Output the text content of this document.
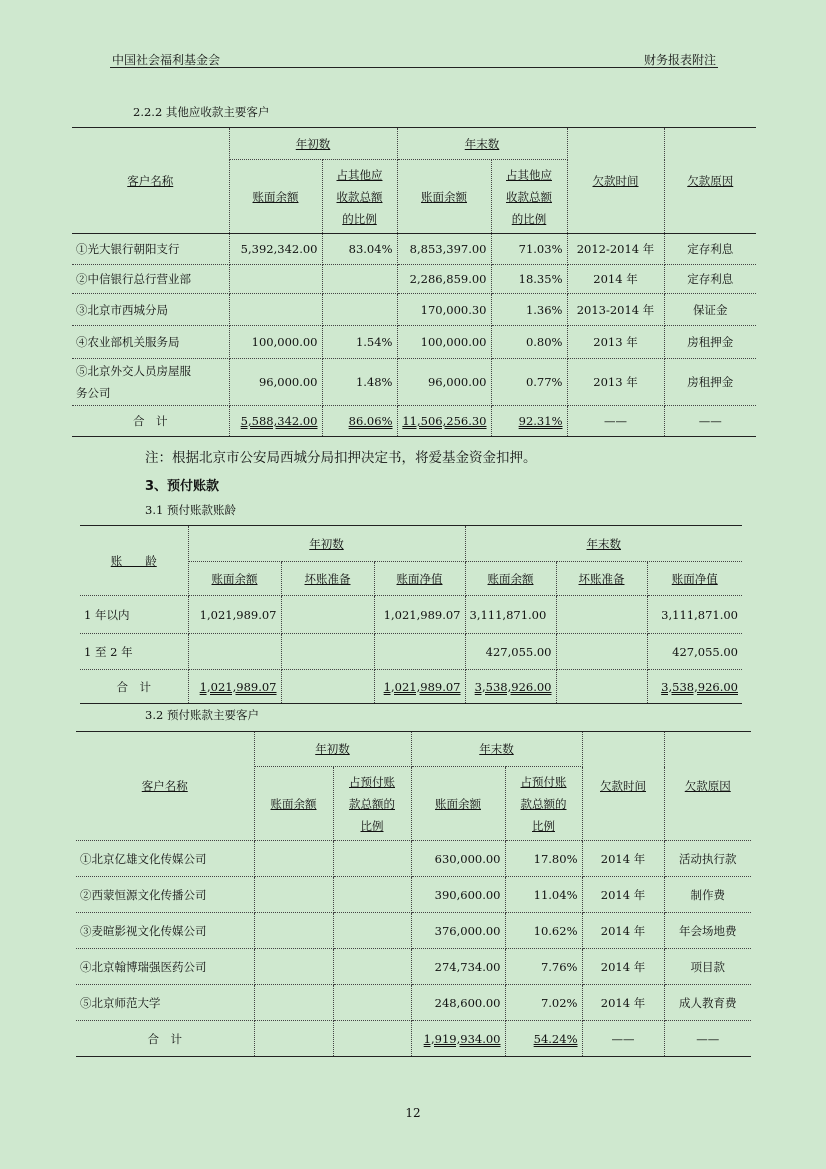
中国社会福利基金会	财务报表附注
2.2.2 其他应收款主要客户
客户名称	年初数		年末数		欠款时间	欠款原因
	账面余额	占其他应
收款总额
的比例	账面余额	占其他应
收款总额
的比例		
①光大银行朝阳支行	5,392,342.00	83.04%	8,853,397.00	71.03%	2012-2014 年	定存利息
②中信银行总行营业部			2,286,859.00	18.35%	2014 年	定存利息
③北京市西城分局			170,000.30	1.36%	2013-2014 年	保证金
④农业部机关服务局	100,000.00	1.54%	100,000.00	0.80%	2013 年	房租押金
⑤北京外交人员房屋服
务公司	96,000.00	1.48%	96,000.00	0.77%	2013 年	房租押金
合　计	5,588,342.00	86.06%	11,506,256.30	92.31%	——	——
注：根据北京市公安局西城分局扣押决定书，将爱基金资金扣押。
3、预付账款
3.1 预付账款账龄
账　　龄	年初数			年末数		
	账面余额	坏账准备	账面净值	账面余额	坏账准备	账面净值
1 年以内	1,021,989.07		1,021,989.07	3,111,871.00		3,111,871.00
1 至 2 年				427,055.00		427,055.00
合　计	1,021,989.07		1,021,989.07	3,538,926.00		3,538,926.00
3.2 预付账款主要客户
客户名称	年初数		年末数		欠款时间	欠款原因
	账面余额	占预付账
款总额的
比例	账面余额	占预付账
款总额的
比例		
①北京亿雄文化传媒公司			630,000.00	17.80%	2014 年	活动执行款
②西蒙恒源文化传播公司			390,600.00	11.04%	2014 年	制作费
③麦暄影视文化传媒公司			376,000.00	10.62%	2014 年	年会场地费
④北京翰博瑞强医药公司			274,734.00	7.76%	2014 年	项目款
⑤北京师范大学			248,600.00	7.02%	2014 年	成人教育费
合　计			1,919,934.00	54.24%	——	——
12
